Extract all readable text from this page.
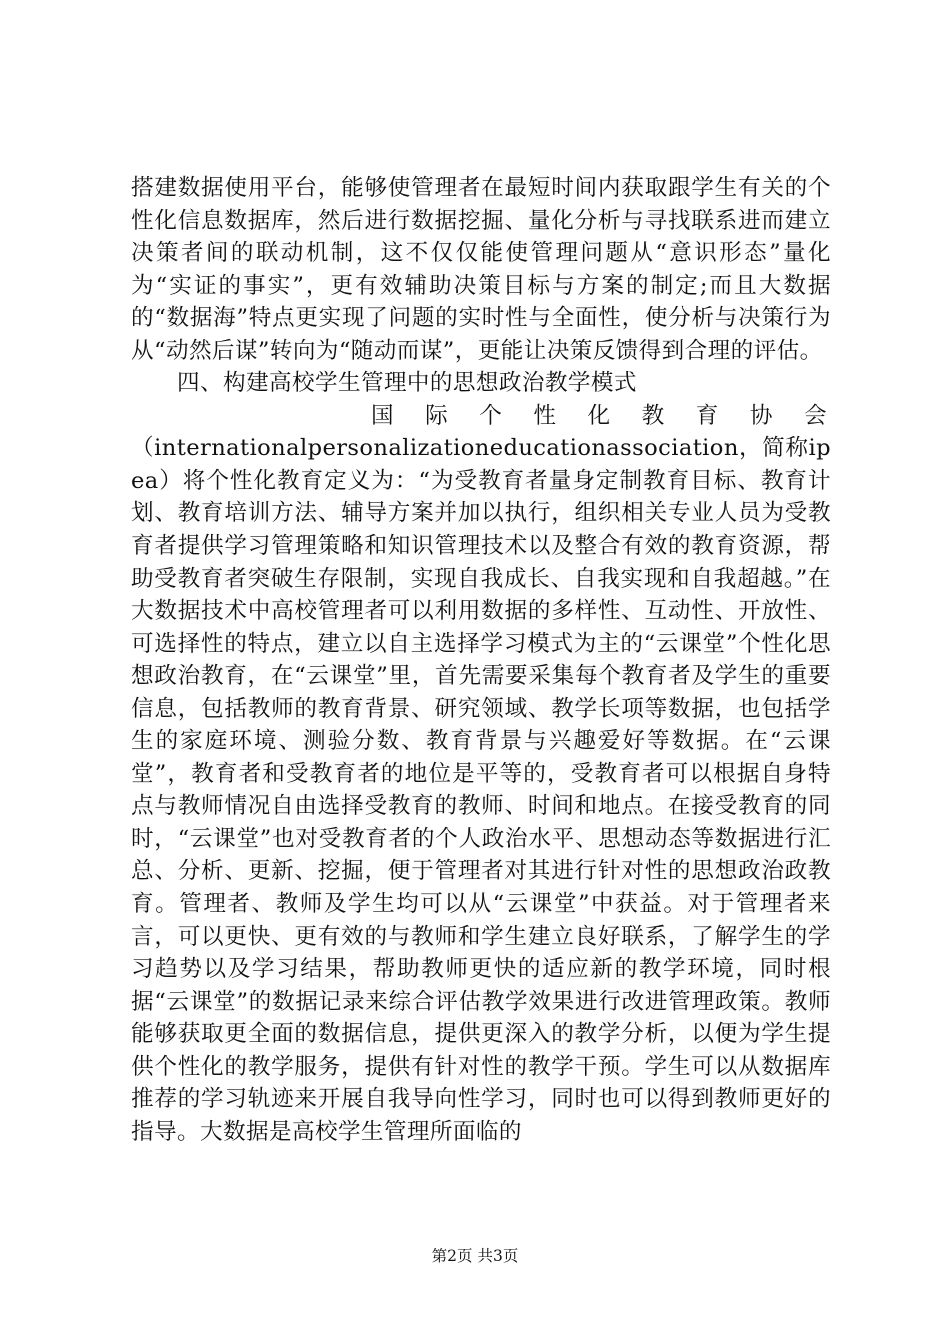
搭建数据使用平台，能够使管理者在最短时间内获取跟学生有关的个性化信息数据库，然后进行数据挖掘、量化分析与寻找联系进而建立决策者间的联动机制，这不仅仅能使管理问题从“意识形态”量化为“实证的事实”，更有效辅助决策目标与方案的制定;而且大数据的“数据海”特点更实现了问题的实时性与全面性，使分析与决策行为从“动然后谋”转向为“随动而谋”，更能让决策反馈得到合理的评估。

四、构建高校学生管理中的思想政治教学模式

国 际 个 性 化 教 育 协 会

（internationalpersonalizationeducationassociation，简称ipea）将个性化教育定义为：“为受教育者量身定制教育目标、教育计划、教育培训方法、辅导方案并加以执行，组织相关专业人员为受教育者提供学习管理策略和知识管理技术以及整合有效的教育资源，帮助受教育者突破生存限制，实现自我成长、自我实现和自我超越。”在大数据技术中高校管理者可以利用数据的多样性、互动性、开放性、可选择性的特点，建立以自主选择学习模式为主的“云课堂”个性化思想政治教育，在“云课堂”里，首先需要采集每个教育者及学生的重要信息，包括教师的教育背景、研究领域、教学长项等数据，也包括学生的家庭环境、测验分数、教育背景与兴趣爱好等数据。在“云课堂”，教育者和受教育者的地位是平等的，受教育者可以根据自身特点与教师情况自由选择受教育的教师、时间和地点。在接受教育的同时，“云课堂”也对受教育者的个人政治水平、思想动态等数据进行汇总、分析、更新、挖掘，便于管理者对其进行针对性的思想政治政教育。管理者、教师及学生均可以从“云课堂”中获益。对于管理者来言，可以更快、更有效的与教师和学生建立良好联系，了解学生的学习趋势以及学习结果，帮助教师更快的适应新的教学环境，同时根据“云课堂”的数据记录来综合评估教学效果进行改进管理政策。教师能够获取更全面的数据信息，提供更深入的教学分析，以便为学生提供个性化的教学服务，提供有针对性的教学干预。学生可以从数据库推荐的学习轨迹来开展自我导向性学习，同时也可以得到教师更好的指导。大数据是高校学生管理所面临的

第2页 共3页
